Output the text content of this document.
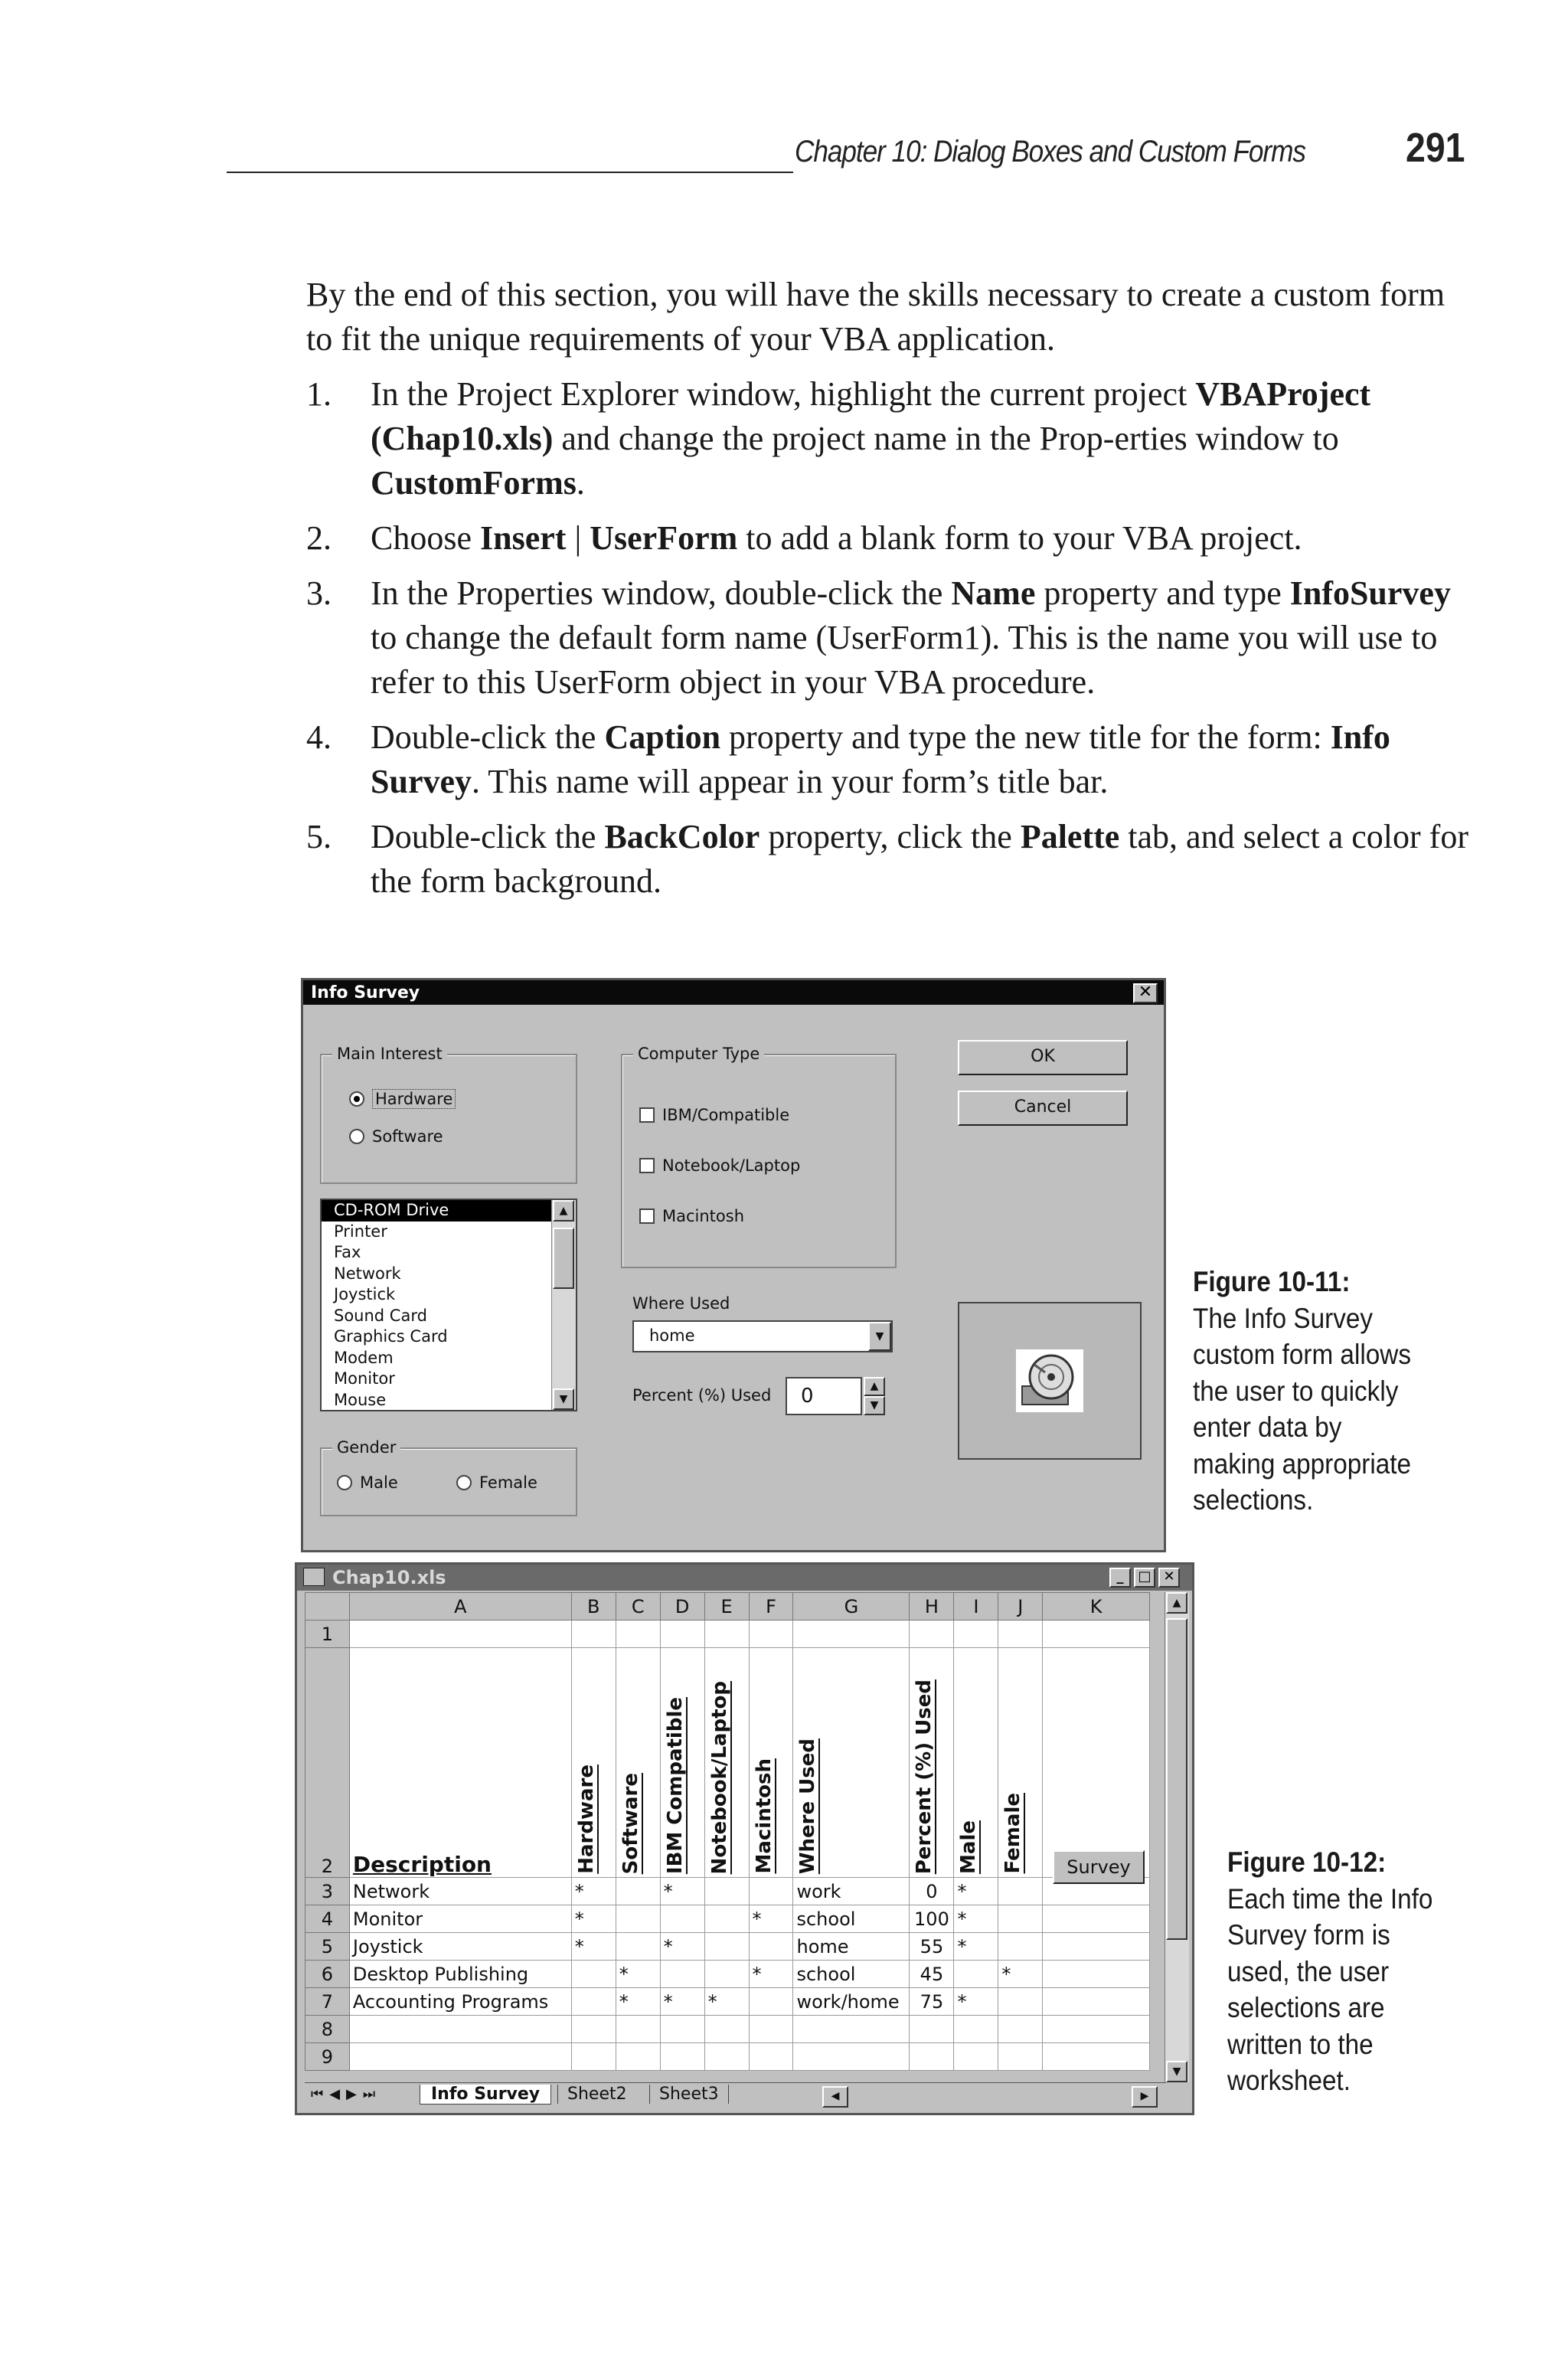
Chapter 10: Dialog Boxes and Custom Forms 291

By the end of this section, you will have the skills necessary to create a custom form to fit the unique requirements of your VBA application.

1.	In the Project Explorer window, highlight the current project VBAProject (Chap10.xls) and change the project name in the Prop-erties window to CustomForms.
2.	Choose Insert | UserForm to add a blank form to your VBA project.
3.	In the Properties window, double-click the Name property and type InfoSurvey to change the default form name (UserForm1). This is the name you will use to refer to this UserForm object in your VBA procedure.
4.	Double-click the Caption property and type the new title for the form: Info Survey. This name will appear in your form’s title bar.
5.	Double-click the BackColor property, click the Palette tab, and select a color for the form background.
Info Survey	✕
Main Interest
Hardware
Software
Computer Type
IBM/Compatible
Notebook/Laptop
Macintosh
OK
Cancel
CD-ROM Drive
Printer
Fax
Network
Joystick
Sound Card
Graphics Card
Modem
Monitor
Mouse
▲
▼
Where Used
home	▼
Percent (%) Used 0	▲
▼
Gender
Male	Female
Figure 10-11:
The Info Survey
custom form allows
the user to quickly
enter data by
making appropriate
selections.
Chap10.xls	_	□ ✕
	A	B	C	D	E	F	G	H	I	J	K
1											
2	Description	Hardware	Software	IBM Compatible	Notebook/Laptop	Macintosh	Where Used	Percent (%) Used	Male	Female	

3	Network	*		*			work	0	*		
4	Monitor	*				*	school	100	*		
5	Joystick	*		*			home	55	*		
6	Desktop Publishing		*			*	school	45		*	
7	Accounting Programs		*	*	*		work/home	75	*		
8											
9											
Survey
▲
▼
⏮◀▶⏭	Info Survey	Sheet2	Sheet3	◀	▶
Figure 10-12:
Each time the Info
Survey form is
used, the user
selections are
written to the
worksheet.
